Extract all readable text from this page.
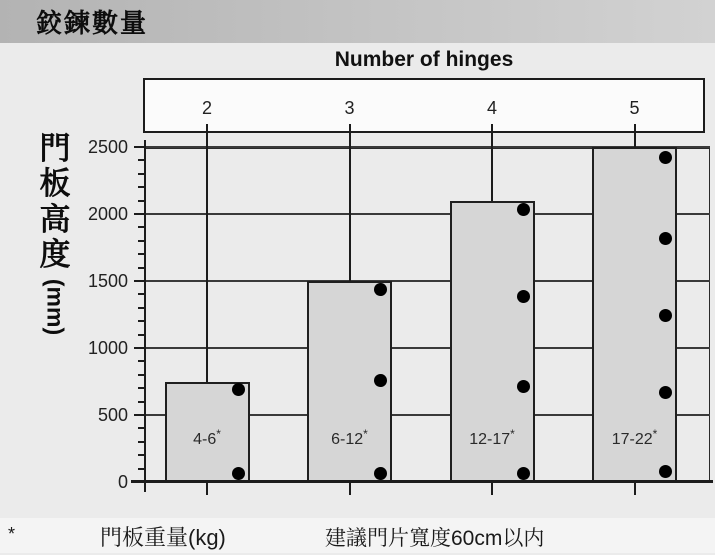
鉸鍊數量
Number of hinges
門
板
高
度
(mm)
0
500
1000
1500
2000
2500
2	3	4	5
4-6*	6-12*	12-17*	17-22*
*	門板重量(kg)	建議門片寬度60cm以内
